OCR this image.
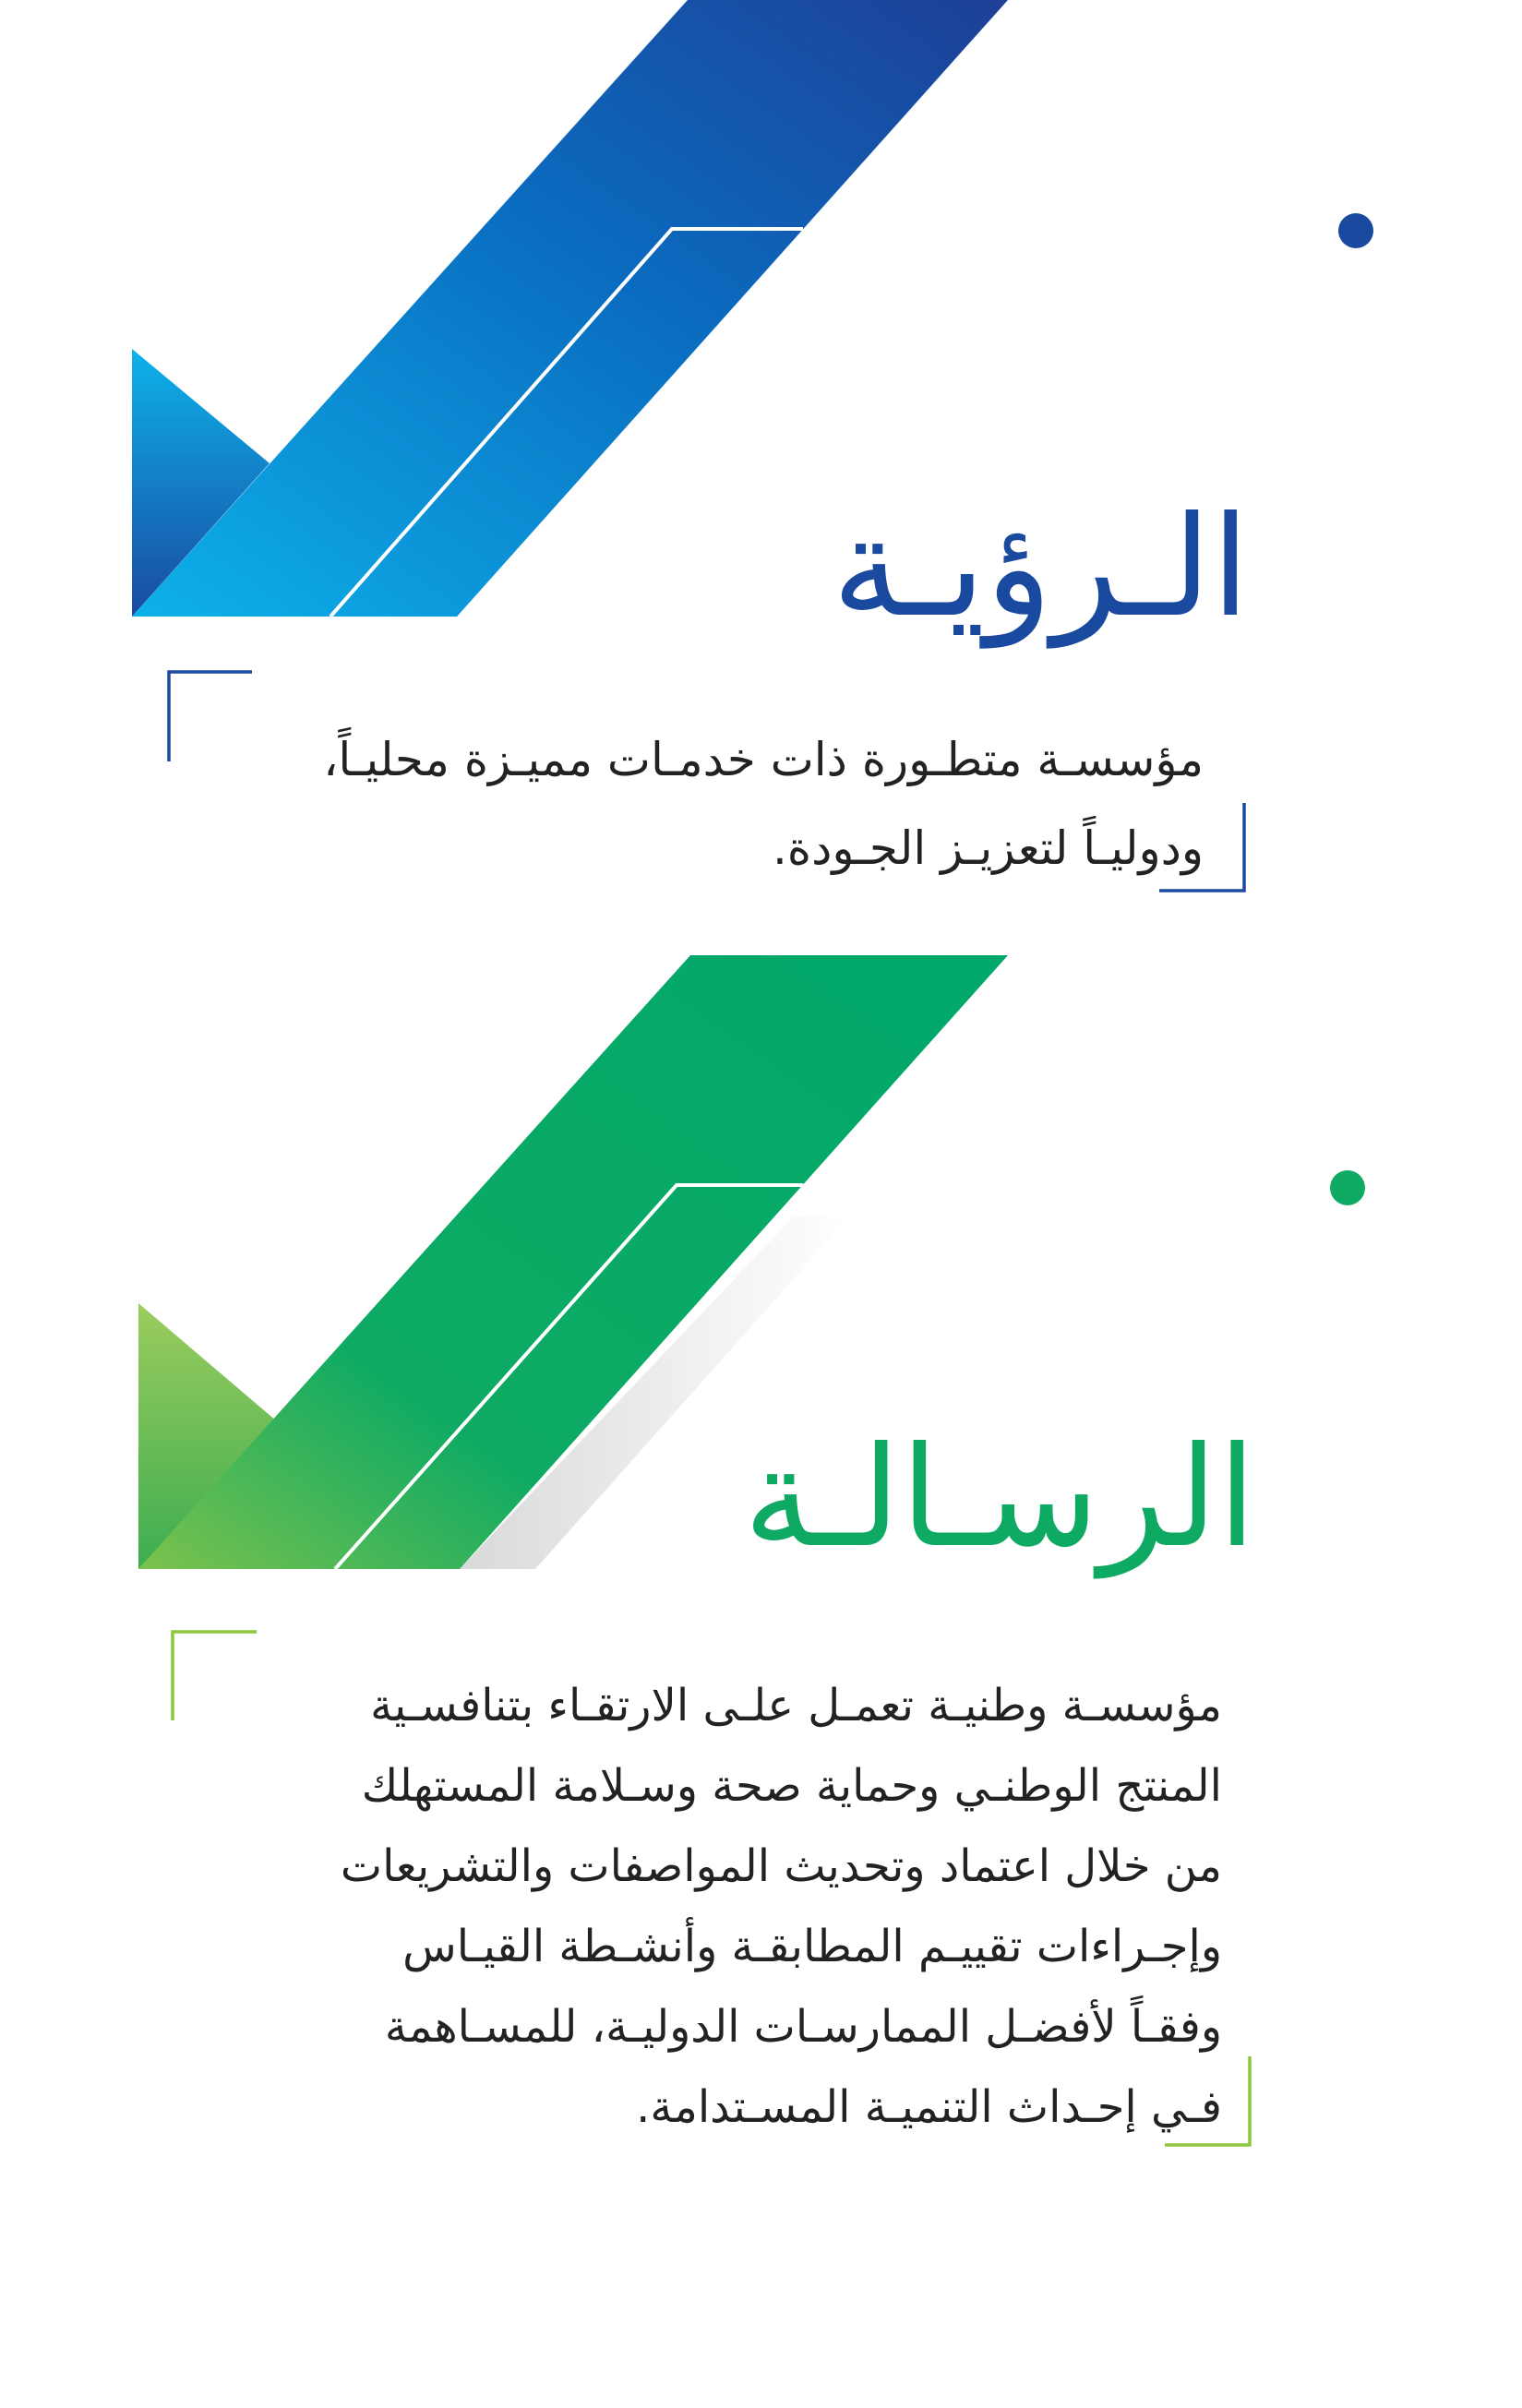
الـرؤيـة
مؤسسـة متطـورة ذات خدمـات مميـزة محليـاً،
ودوليـاً لتعزيـز الجـودة.
الرسـالـة
مؤسسـة وطنيـة تعمـل علـى الارتقـاء بتنافسـية
المنتج الوطنـي وحماية صحة وسـلامة المستهلك
من خلال اعتماد وتحديث المواصفات والتشريعات
وإجـراءات تقييـم المطابقـة وأنشـطة القيـاس
وفقـاً لأفضـل الممارسـات الدوليـة، للمسـاهمة
فـي إحـداث التنميـة المسـتدامة.
